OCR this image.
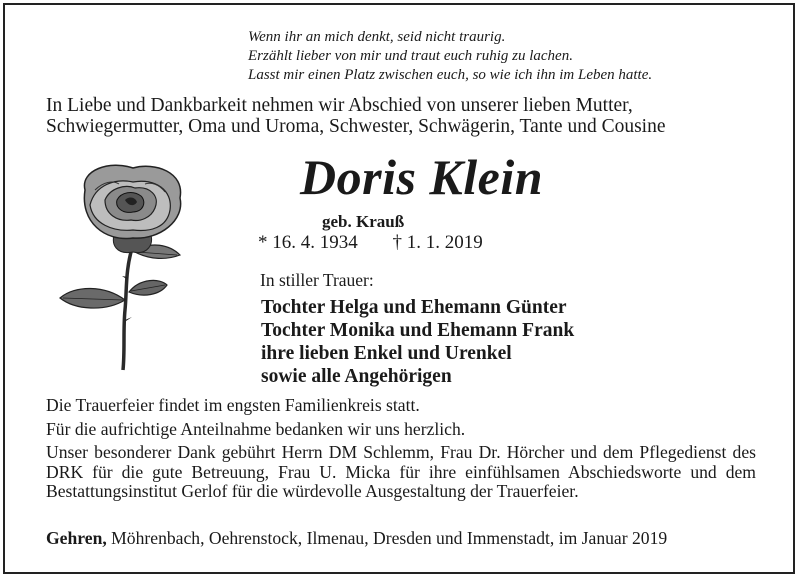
Wenn ihr an mich denkt, seid nicht traurig.
Erzählt lieber von mir und traut euch ruhig zu lachen.
Lasst mir einen Platz zwischen euch, so wie ich ihn im Leben hatte.
In Liebe und Dankbarkeit nehmen wir Abschied von unserer lieben Mutter,
Schwiegermutter, Oma und Uroma, Schwester, Schwägerin, Tante und Cousine
Doris Klein
geb. Krauß
* 16. 4. 1934 † 1. 1. 2019
In stiller Trauer:
Tochter Helga und Ehemann Günter
Tochter Monika und Ehemann Frank
ihre lieben Enkel und Urenkel
sowie alle Angehörigen
Die Trauerfeier findet im engsten Familienkreis statt.
Für die aufrichtige Anteilnahme bedanken wir uns herzlich.
Unser besonderer Dank gebührt Herrn DM Schlemm, Frau Dr. Hörcher und dem Pflegedienst des DRK für die gute Betreuung, Frau U. Micka für ihre einfühlsamen Abschiedsworte und dem Bestattungsinstitut Gerlof für die würdevolle Ausgestaltung der Trauerfeier.
Gehren, Möhrenbach, Oehrenstock, Ilmenau, Dresden und Immenstadt, im Januar 2019
